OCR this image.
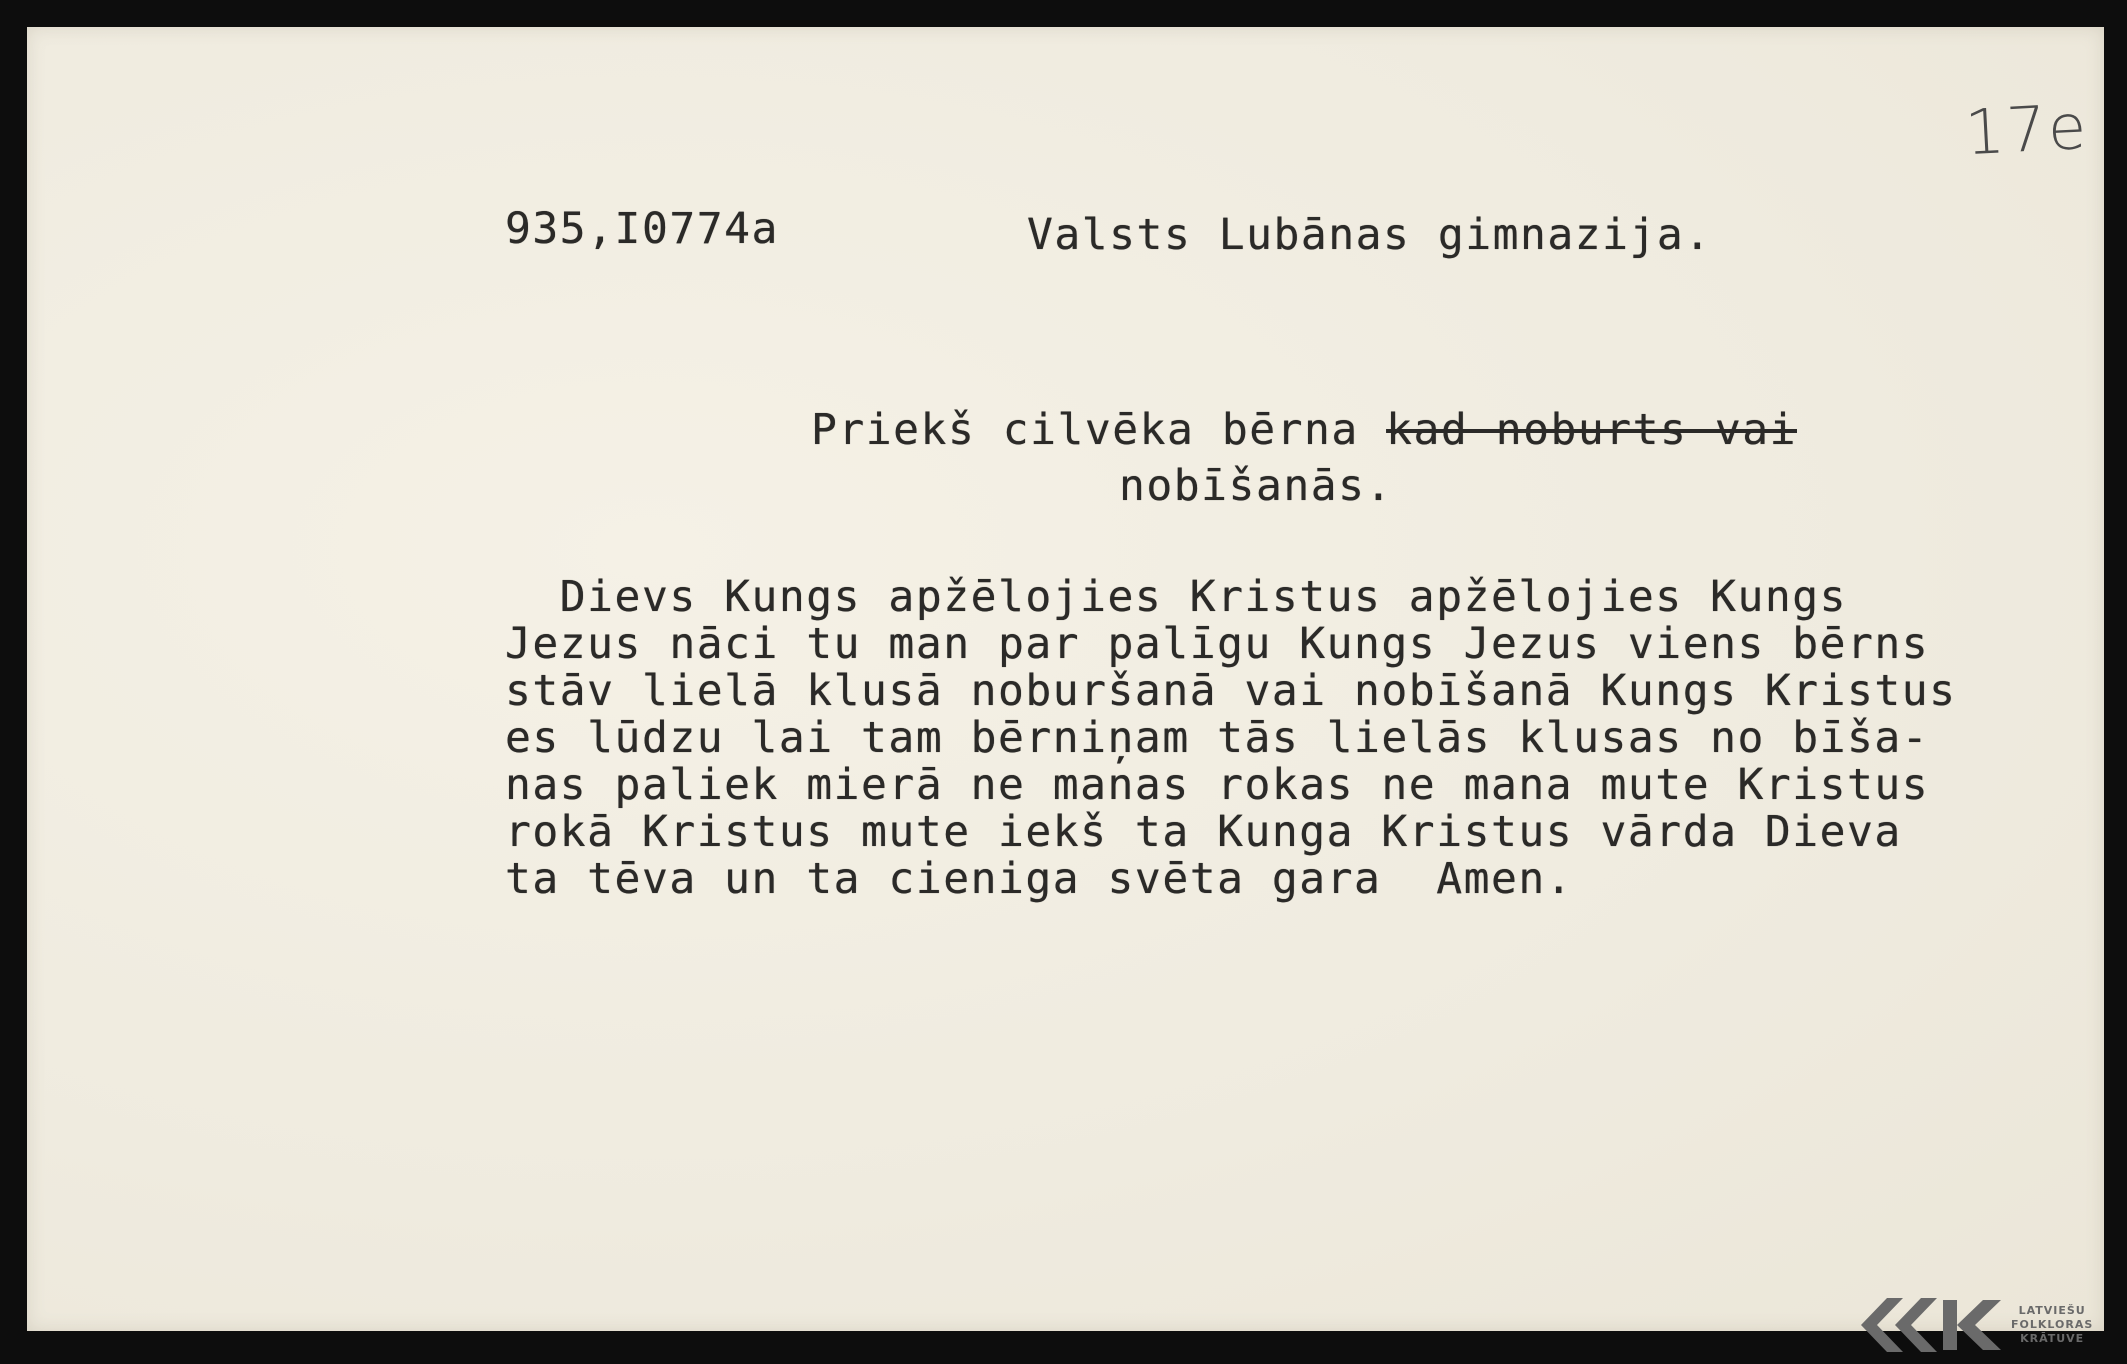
935,I0774a	Valsts Lubānas gimnazija.
17e
Priekš cilvēka bērna kad noburts vai
nobīšanās.
Dievs Kungs apžēlojies Kristus apžēlojies Kungs
Jezus nāci tu man par palīgu Kungs Jezus viens bērns
stāv lielā klusā noburšanā vai nobīšanā Kungs Kristus
es lūdzu lai tam bērniņam tās lielās klusas no bīša-
nas paliek mierā ne manas rokas ne mana mute Kristus
rokā Kristus mute iekš ta Kunga Kristus vārda Dieva
ta tēva un ta cieniga svēta gara  Amen.
LATVIEŠU
FOLKLORAS
KRĀTUVE
